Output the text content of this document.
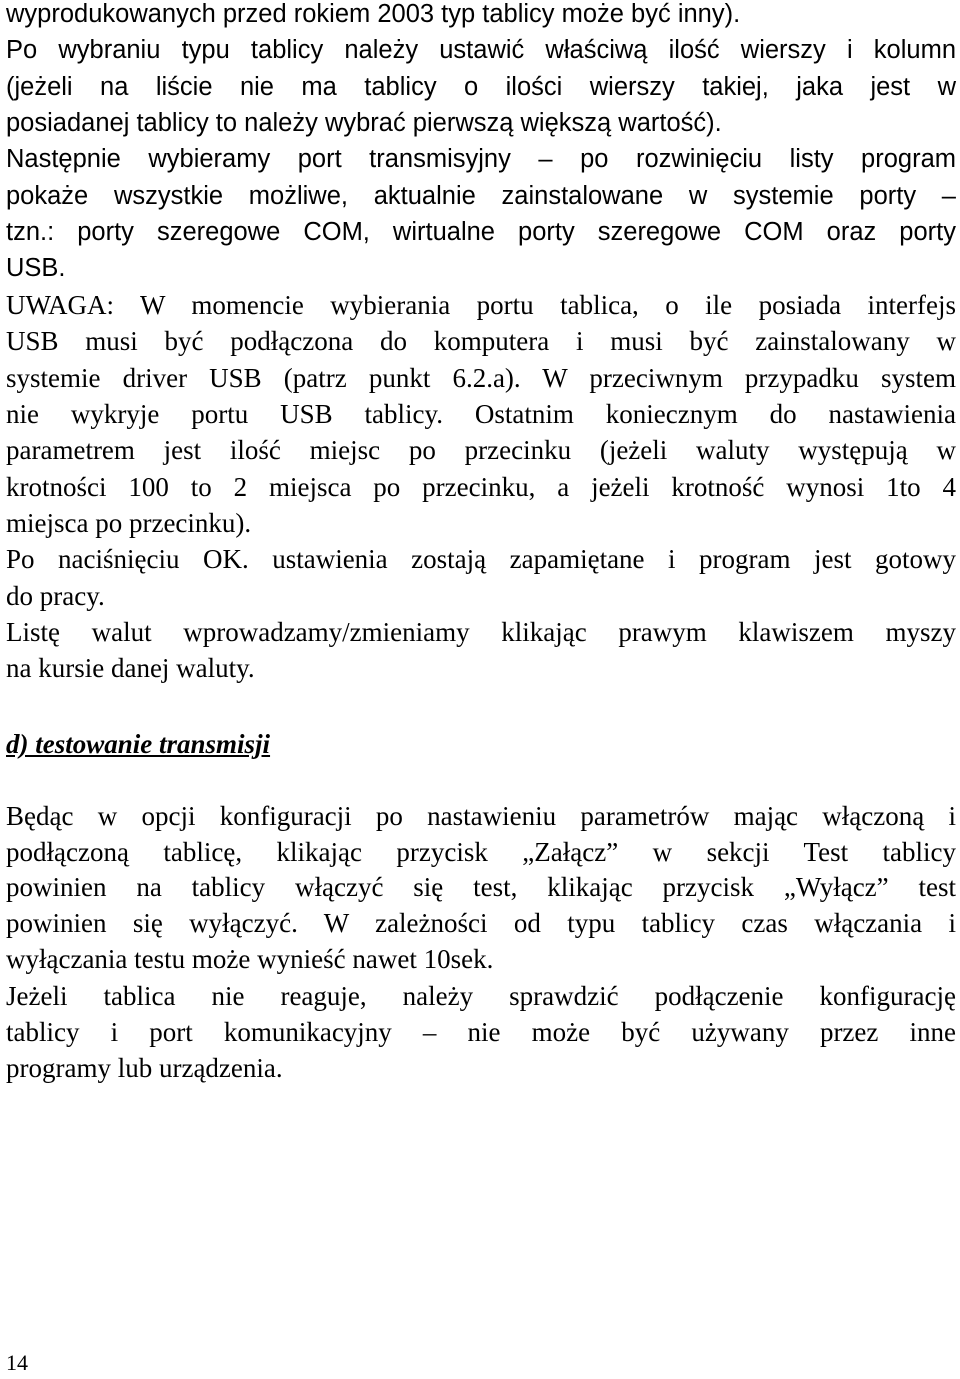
wyprodukowanych przed rokiem 2003 typ tablicy może być inny).
Po wybraniu typu tablicy należy ustawić właściwą ilość wierszy i kolumn
(jeżeli na liście nie ma tablicy o ilości wierszy takiej, jaka jest w
posiadanej tablicy to należy wybrać pierwszą większą wartość).
Następnie wybieramy port transmisyjny – po rozwinięciu listy program
pokaże wszystkie możliwe, aktualnie zainstalowane w systemie porty –
tzn.: porty szeregowe COM, wirtualne porty szeregowe COM oraz porty
USB.
UWAGA: W momencie wybierania portu tablica, o ile posiada interfejs
USB musi być podłączona do komputera i musi być zainstalowany w
systemie driver USB (patrz punkt 6.2.a). W przeciwnym przypadku system
nie wykryje portu USB tablicy. Ostatnim koniecznym do nastawienia
parametrem jest ilość miejsc po przecinku (jeżeli waluty występują w
krotności 100 to 2 miejsca po przecinku, a jeżeli krotność wynosi 1to 4
miejsca po przecinku).
Po naciśnięciu OK. ustawienia zostają zapamiętane i program jest gotowy
do pracy.
Listę walut wprowadzamy/zmieniamy klikając prawym klawiszem myszy
na kursie danej waluty.
d) testowanie transmisji
Będąc w opcji konfiguracji po nastawieniu parametrów mając włączoną i
podłączoną tablicę, klikając przycisk „Załącz” w sekcji Test tablicy
powinien na tablicy włączyć się test, klikając przycisk „Wyłącz” test
powinien się wyłączyć. W zależności od typu tablicy czas włączania i
wyłączania testu może wynieść nawet 10sek.
Jeżeli tablica nie reaguje, należy sprawdzić podłączenie konfigurację
tablicy i port komunikacyjny – nie może być używany przez inne
programy lub urządzenia.
14
